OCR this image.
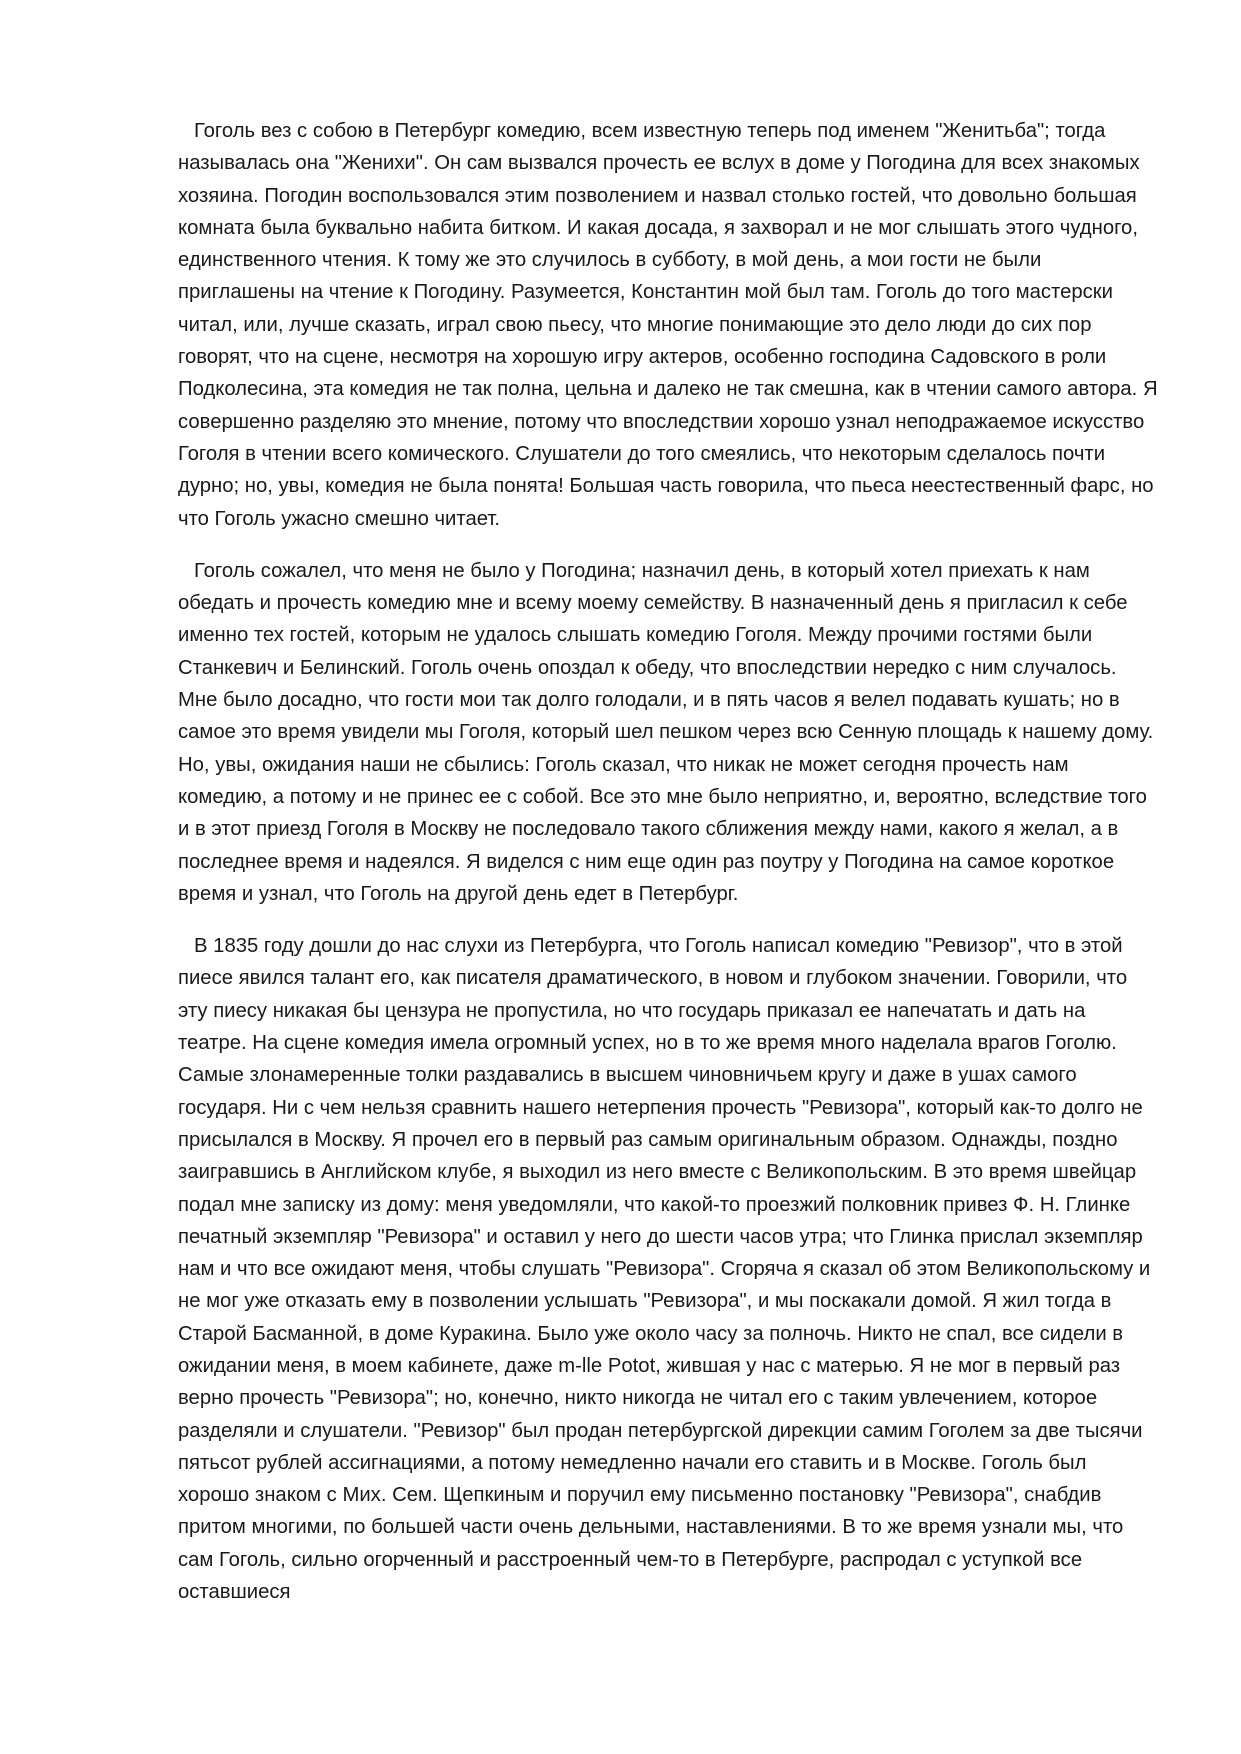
Гоголь вез с собою в Петербург комедию, всем известную теперь под именем "Женитьба"; тогда называлась она "Женихи". Он сам вызвался прочесть ее вслух в доме у Погодина для всех знакомых хозяина. Погодин воспользовался этим позволением и назвал столько гостей, что довольно большая комната была буквально набита битком. И какая досада, я захворал и не мог слышать этого чудного, единственного чтения. К тому же это случилось в субботу, в мой день, а мои гости не были приглашены на чтение к Погодину. Разумеется, Константин мой был там. Гоголь до того мастерски читал, или, лучше сказать, играл свою пьесу, что многие понимающие это дело люди до сих пор говорят, что на сцене, несмотря на хорошую игру актеров, особенно господина Садовского в роли Подколесина, эта комедия не так полна, цельна и далеко не так смешна, как в чтении самого автора. Я совершенно разделяю это мнение, потому что впоследствии хорошо узнал неподражаемое искусство Гоголя в чтении всего комического. Слушатели до того смеялись, что некоторым сделалось почти дурно; но, увы, комедия не была понята! Большая часть говорила, что пьеса неестественный фарс, но что Гоголь ужасно смешно читает.

Гоголь сожалел, что меня не было у Погодина; назначил день, в который хотел приехать к нам обедать и прочесть комедию мне и всему моему семейству. В назначенный день я пригласил к себе именно тех гостей, которым не удалось слышать комедию Гоголя. Между прочими гостями были Станкевич и Белинский. Гоголь очень опоздал к обеду, что впоследствии нередко с ним случалось. Мне было досадно, что гости мои так долго голодали, и в пять часов я велел подавать кушать; но в самое это время увидели мы Гоголя, который шел пешком через всю Сенную площадь к нашему дому. Но, увы, ожидания наши не сбылись: Гоголь сказал, что никак не может сегодня прочесть нам комедию, а потому и не принес ее с собой. Все это мне было неприятно, и, вероятно, вследствие того и в этот приезд Гоголя в Москву не последовало такого сближения между нами, какого я желал, а в последнее время и надеялся. Я виделся с ним еще один раз поутру у Погодина на самое короткое время и узнал, что Гоголь на другой день едет в Петербург.

В 1835 году дошли до нас слухи из Петербурга, что Гоголь написал комедию "Ревизор", что в этой пиесе явился талант его, как писателя драматического, в новом и глубоком значении. Говорили, что эту пиесу никакая бы цензура не пропустила, но что государь приказал ее напечатать и дать на театре. На сцене комедия имела огромный успех, но в то же время много наделала врагов Гоголю. Самые злонамеренные толки раздавались в высшем чиновничьем кругу и даже в ушах самого государя. Ни с чем нельзя сравнить нашего нетерпения прочесть "Ревизора", который как-то долго не присылался в Москву. Я прочел его в первый раз самым оригинальным образом. Однажды, поздно заигравшись в Английском клубе, я выходил из него вместе с Великопольским. В это время швейцар подал мне записку из дому: меня уведомляли, что какой-то проезжий полковник привез Ф. Н. Глинке печатный экземпляр "Ревизора" и оставил у него до шести часов утра; что Глинка прислал экземпляр нам и что все ожидают меня, чтобы слушать "Ревизора". Сгоряча я сказал об этом Великопольскому и не мог уже отказать ему в позволении услышать "Ревизора", и мы поскакали домой. Я жил тогда в Старой Басманной, в доме Куракина. Было уже около часу за полночь. Никто не спал, все сидели в ожидании меня, в моем кабинете, даже m-lle Potot, жившая у нас с матерью. Я не мог в первый раз верно прочесть "Ревизора"; но, конечно, никто никогда не читал его с таким увлечением, которое разделяли и слушатели. "Ревизор" был продан петербургской дирекции самим Гоголем за две тысячи пятьсот рублей ассигнациями, а потому немедленно начали его ставить и в Москве. Гоголь был хорошо знаком с Мих. Сем. Щепкиным и поручил ему письменно постановку "Ревизора", снабдив притом многими, по большей части очень дельными, наставлениями. В то же время узнали мы, что сам Гоголь, сильно огорченный и расстроенный чем-то в Петербурге, распродал с уступкой все оставшиеся
